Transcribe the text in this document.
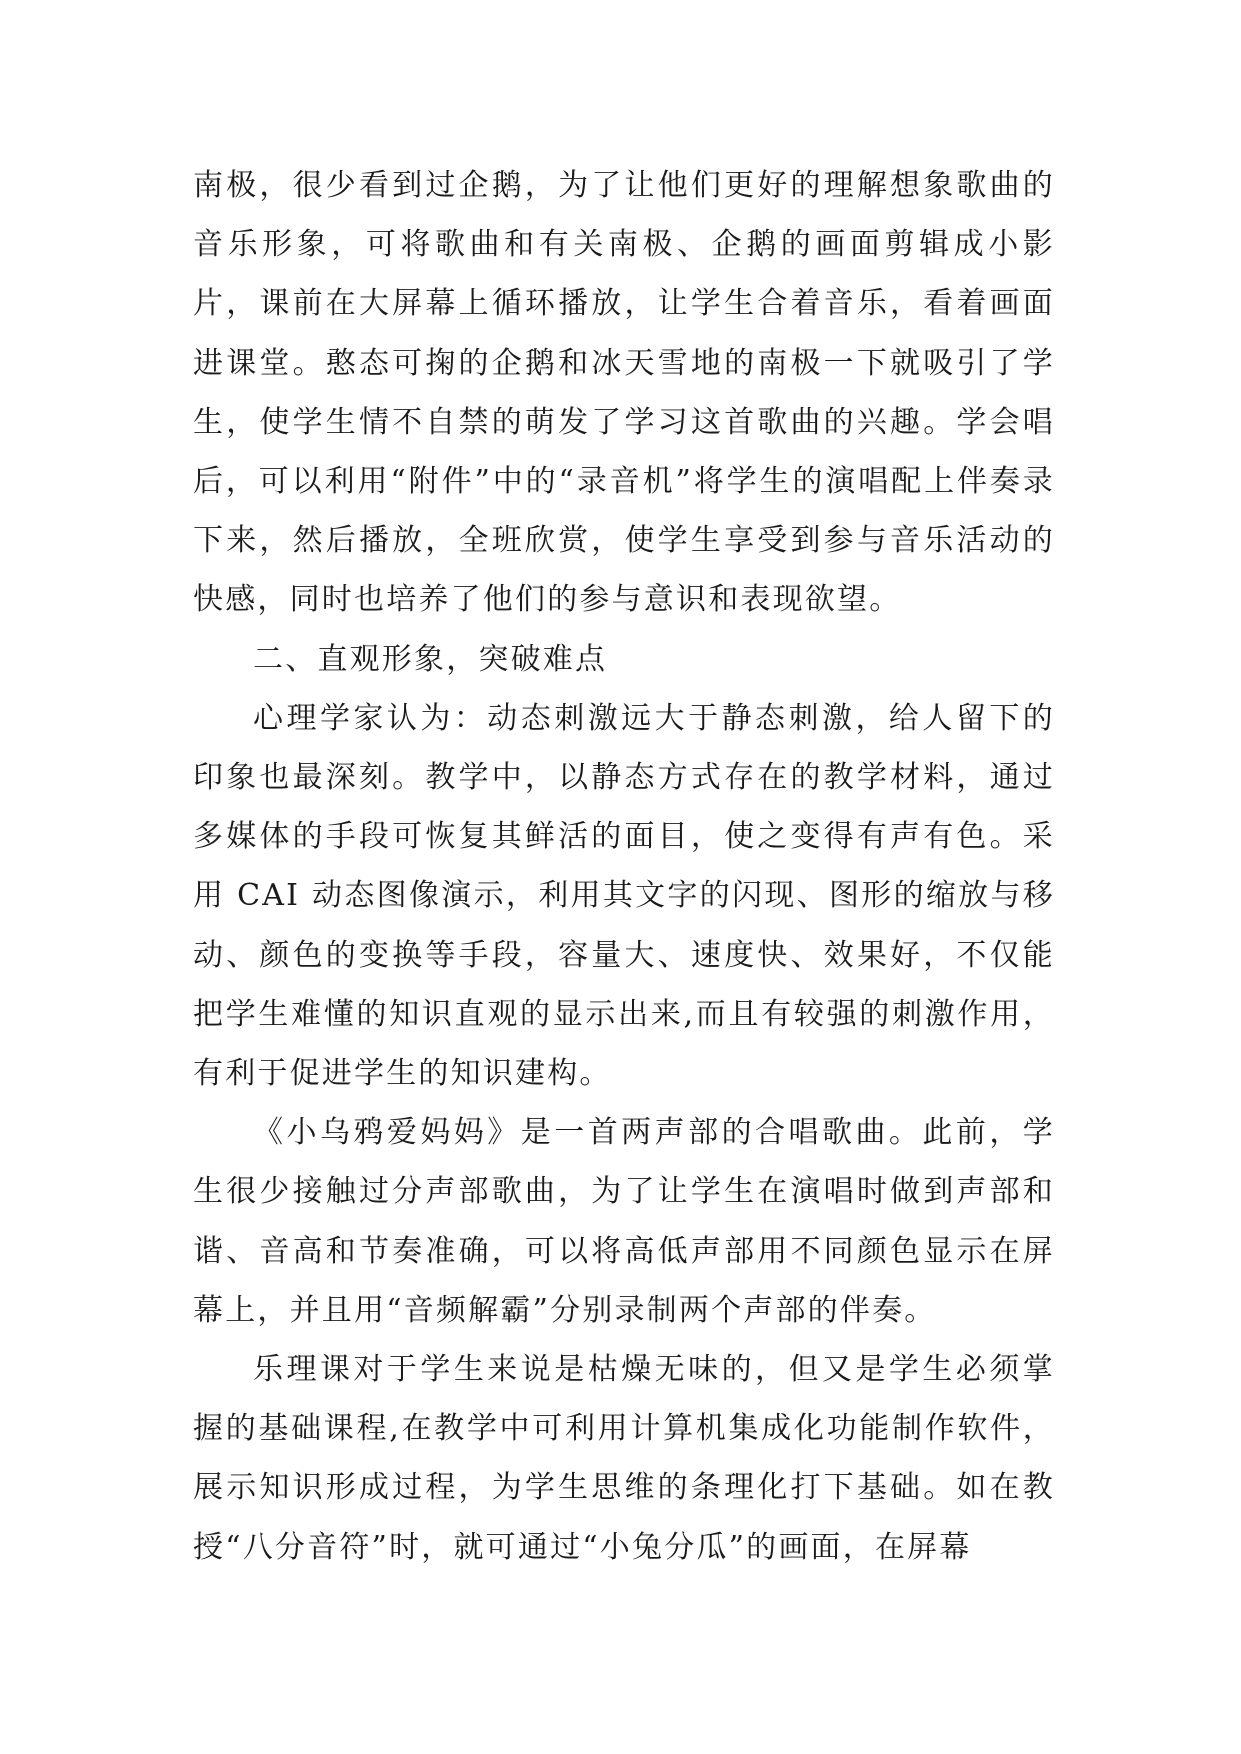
南极，很少看到过企鹅，为了让他们更好的理解想象歌曲的音乐形象，可将歌曲和有关南极、企鹅的画面剪辑成小影片，课前在大屏幕上循环播放，让学生合着音乐，看着画面进课堂。憨态可掬的企鹅和冰天雪地的南极一下就吸引了学生，使学生情不自禁的萌发了学习这首歌曲的兴趣。学会唱后，可以利用“附件”中的“录音机”将学生的演唱配上伴奏录下来，然后播放，全班欣赏，使学生享受到参与音乐活动的快感，同时也培养了他们的参与意识和表现欲望。

二、直观形象，突破难点

心理学家认为：动态刺激远大于静态刺激，给人留下的印象也最深刻。教学中，以静态方式存在的教学材料，通过多媒体的手段可恢复其鲜活的面目，使之变得有声有色。采用 CAI 动态图像演示，利用其文字的闪现、图形的缩放与移动、颜色的变换等手段，容量大、速度快、效果好，不仅能把学生难懂的知识直观的显示出来,而且有较强的刺激作用，有利于促进学生的知识建构。

《小乌鸦爱妈妈》是一首两声部的合唱歌曲。此前，学生很少接触过分声部歌曲，为了让学生在演唱时做到声部和谐、音高和节奏准确，可以将高低声部用不同颜色显示在屏幕上，并且用“音频解霸”分别录制两个声部的伴奏。

乐理课对于学生来说是枯燥无味的，但又是学生必须掌握的基础课程,在教学中可利用计算机集成化功能制作软件，展示知识形成过程，为学生思维的条理化打下基础。如在教授“八分音符”时，就可通过“小兔分瓜”的画面，在屏幕
